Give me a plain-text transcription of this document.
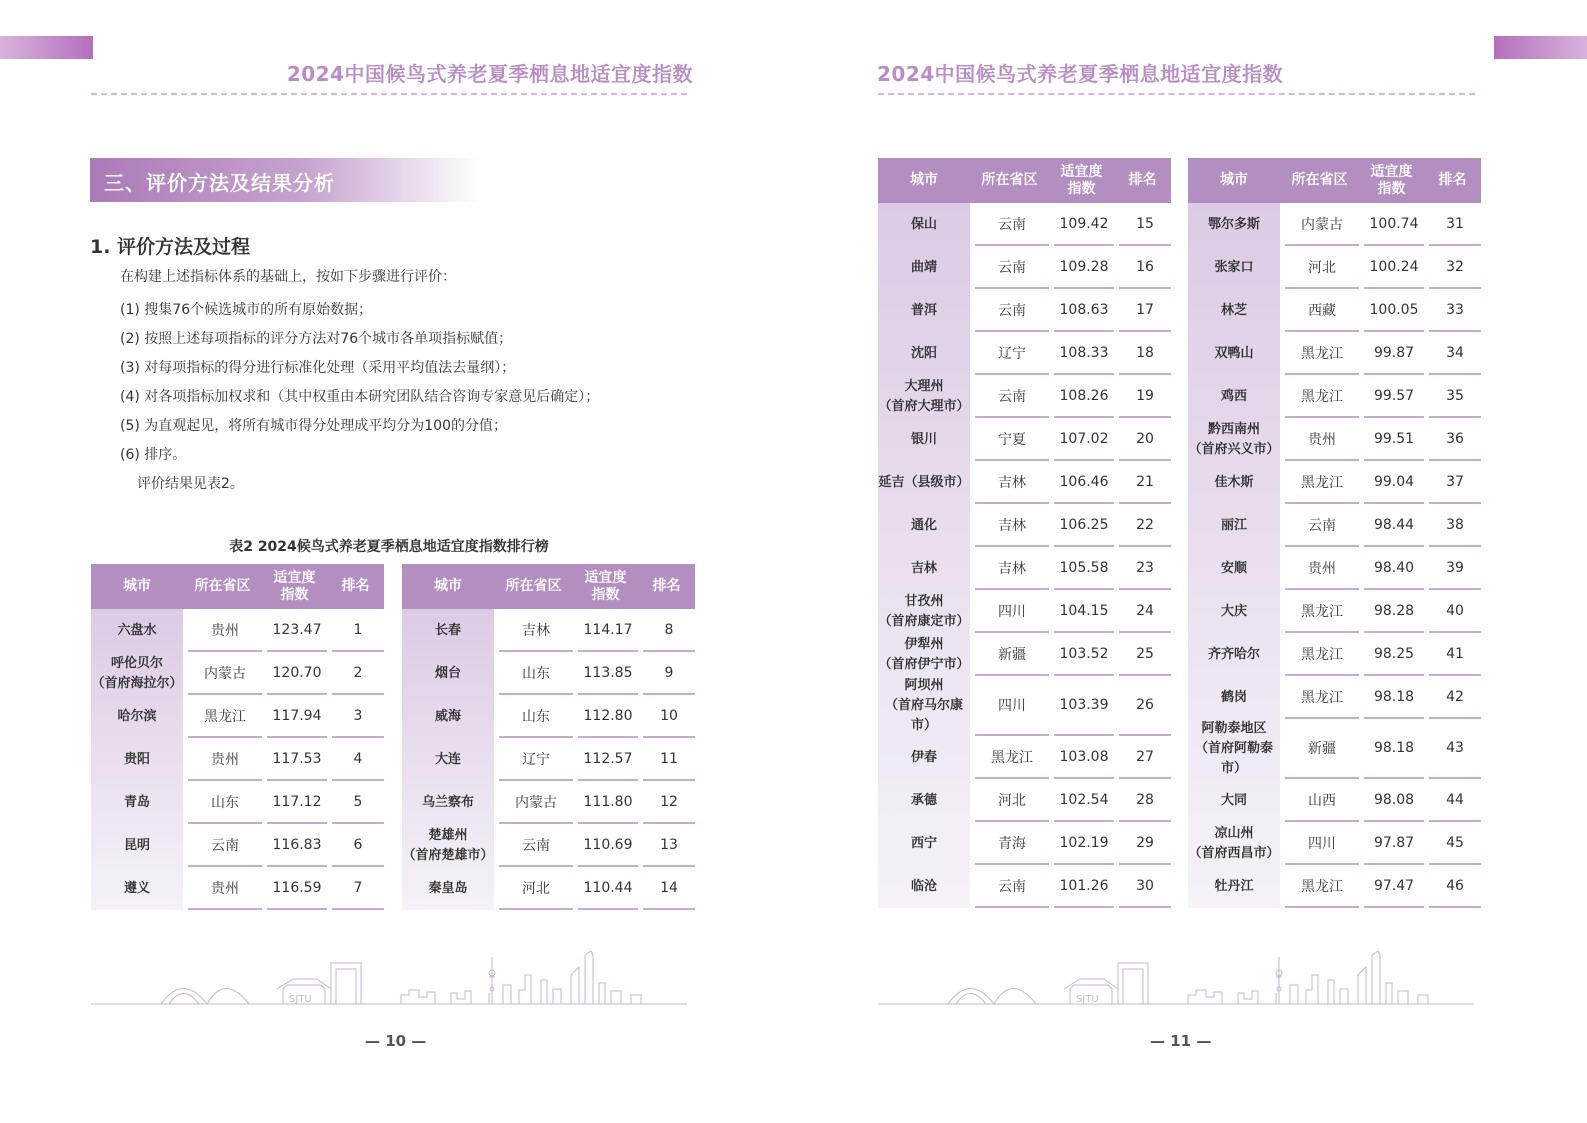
2024中国候鸟式养老夏季栖息地适宜度指数
三、评价方法及结果分析
1. 评价方法及过程
在构建上述指标体系的基础上，按如下步骤进行评价：
(1) 搜集76个候选城市的所有原始数据；
(2) 按照上述每项指标的评分方法对76个城市各单项指标赋值；
(3) 对每项指标的得分进行标准化处理（采用平均值法去量纲）；
(4) 对各项指标加权求和（其中权重由本研究团队结合咨询专家意见后确定）；
(5) 为直观起见，将所有城市得分处理成平均分为100的分值；
(6) 排序。
评价结果见表2。
表2 2024候鸟式养老夏季栖息地适宜度指数排行榜
城市	所在省区		适宜度
指数		排名	
六盘水		贵州		123.47		1
呼伦贝尔
（首府海拉尔）		内蒙古		120.70		2
哈尔滨		黑龙江		117.94		3
贵阳		贵州		117.53		4
青岛		山东		117.12		5
昆明		云南		116.83		6
遵义		贵州		116.59		7
城市	所在省区		适宜度
指数		排名	
长春		吉林		114.17		8
烟台		山东		113.85		9
威海		山东		112.80		10
大连		辽宁		112.57		11
乌兰察布		内蒙古		111.80		12
楚雄州
（首府楚雄市）		云南		110.69		13
秦皇岛		河北		110.44		14
SJTU
— 10 —
2024中国候鸟式养老夏季栖息地适宜度指数
城市	所在省区		适宜度
指数		排名	
保山		云南		109.42		15
曲靖		云南		109.28		16
普洱		云南		108.63		17
沈阳		辽宁		108.33		18
大理州
（首府大理市）		云南		108.26		19
银川		宁夏		107.02		20
延吉（县级市）		吉林		106.46		21
通化		吉林		106.25		22
吉林		吉林		105.58		23
甘孜州
（首府康定市）		四川		104.15		24
伊犁州
（首府伊宁市）		新疆		103.52		25
阿坝州
（首府马尔康市）		四川		103.39		26
伊春		黑龙江		103.08		27
承德		河北		102.54		28
西宁		青海		102.19		29
临沧		云南		101.26		30
城市	所在省区		适宜度
指数		排名	
鄂尔多斯		内蒙古		100.74		31
张家口		河北		100.24		32
林芝		西藏		100.05		33
双鸭山		黑龙江		99.87		34
鸡西		黑龙江		99.57		35
黔西南州
（首府兴义市）		贵州		99.51		36
佳木斯		黑龙江		99.04		37
丽江		云南		98.44		38
安顺		贵州		98.40		39
大庆		黑龙江		98.28		40
齐齐哈尔		黑龙江		98.25		41
鹤岗		黑龙江		98.18		42
阿勒泰地区
（首府阿勒泰市）		新疆		98.18		43
大同		山西		98.08		44
凉山州
（首府西昌市）		四川		97.87		45
牡丹江		黑龙江		97.47		46
SJTU
— 11 —
